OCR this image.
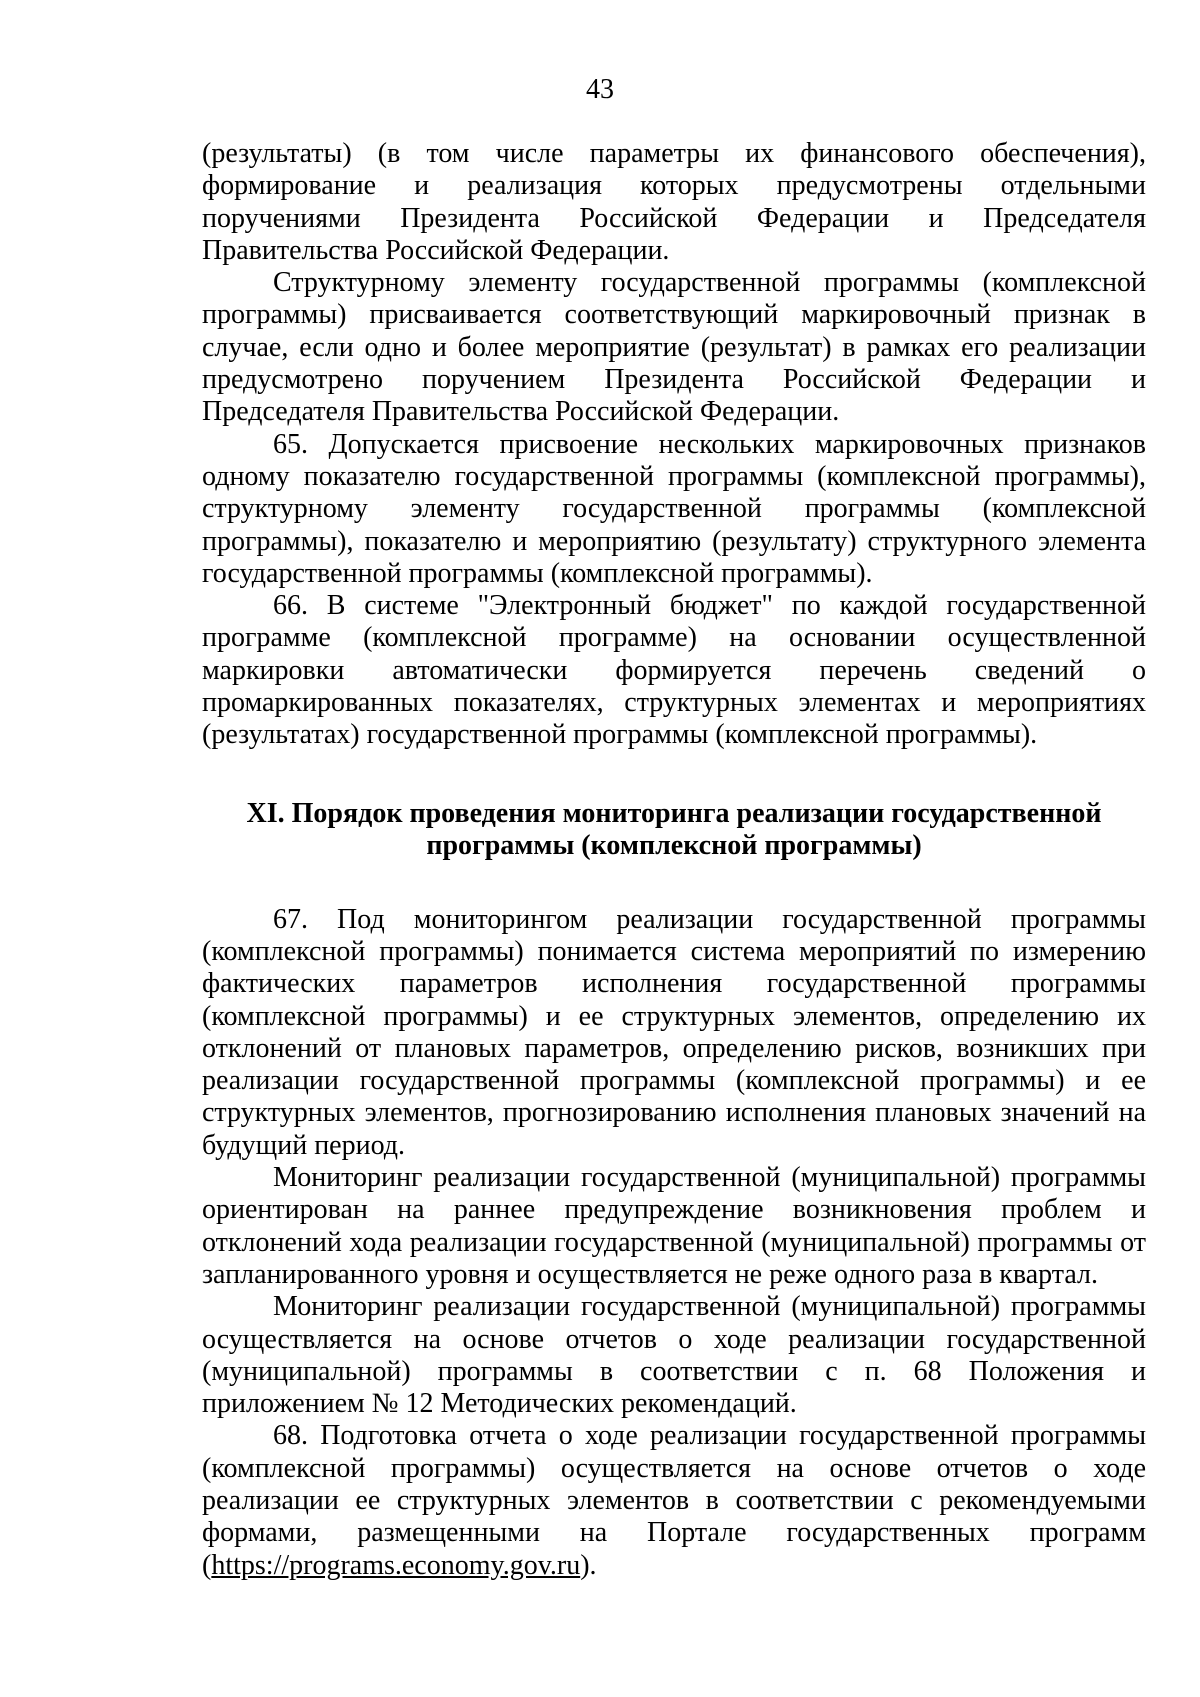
43

(результаты) (в том числе параметры их финансового обеспечения), формирование и реализация которых предусмотрены отдельными поручениями Президента Российской Федерации и Председателя Правительства Российской Федерации.

Структурному элементу государственной программы (комплексной программы) присваивается соответствующий маркировочный признак в случае, если одно и более мероприятие (результат) в рамках его реализации предусмотрено поручением Президента Российской Федерации и Председателя Правительства Российской Федерации.

65. Допускается присвоение нескольких маркировочных признаков одному показателю государственной программы (комплексной программы), структурному элементу государственной программы (комплексной программы), показателю и мероприятию (результату) структурного элемента государственной программы (комплексной программы).

66. В системе "Электронный бюджет" по каждой государственной программе (комплексной программе) на основании осуществленной маркировки автоматически формируется перечень сведений о промаркированных показателях, структурных элементах и мероприятиях (результатах) государственной программы (комплексной программы).

XI. Порядок проведения мониторинга реализации государственной
программы (комплексной программы)

67. Под мониторингом реализации государственной программы (комплексной программы) понимается система мероприятий по измерению фактических параметров исполнения государственной программы (комплексной программы) и ее структурных элементов, определению их отклонений от плановых параметров, определению рисков, возникших при реализации государственной программы (комплексной программы) и ее структурных элементов, прогнозированию исполнения плановых значений на будущий период.

Мониторинг реализации государственной (муниципальной) программы ориентирован на раннее предупреждение возникновения проблем и отклонений хода реализации государственной (муниципальной) программы от запланированного уровня и осуществляется не реже одного раза в квартал.

Мониторинг реализации государственной (муниципальной) программы осуществляется на основе отчетов о ходе реализации государственной (муниципальной) программы в соответствии с п. 68 Положения и приложением № 12 Методических рекомендаций.

68. Подготовка отчета о ходе реализации государственной программы (комплексной программы) осуществляется на основе отчетов о ходе реализации ее структурных элементов в соответствии с рекомендуемыми формами, размещенными на Портале государственных программ (https://programs.economy.gov.ru).
